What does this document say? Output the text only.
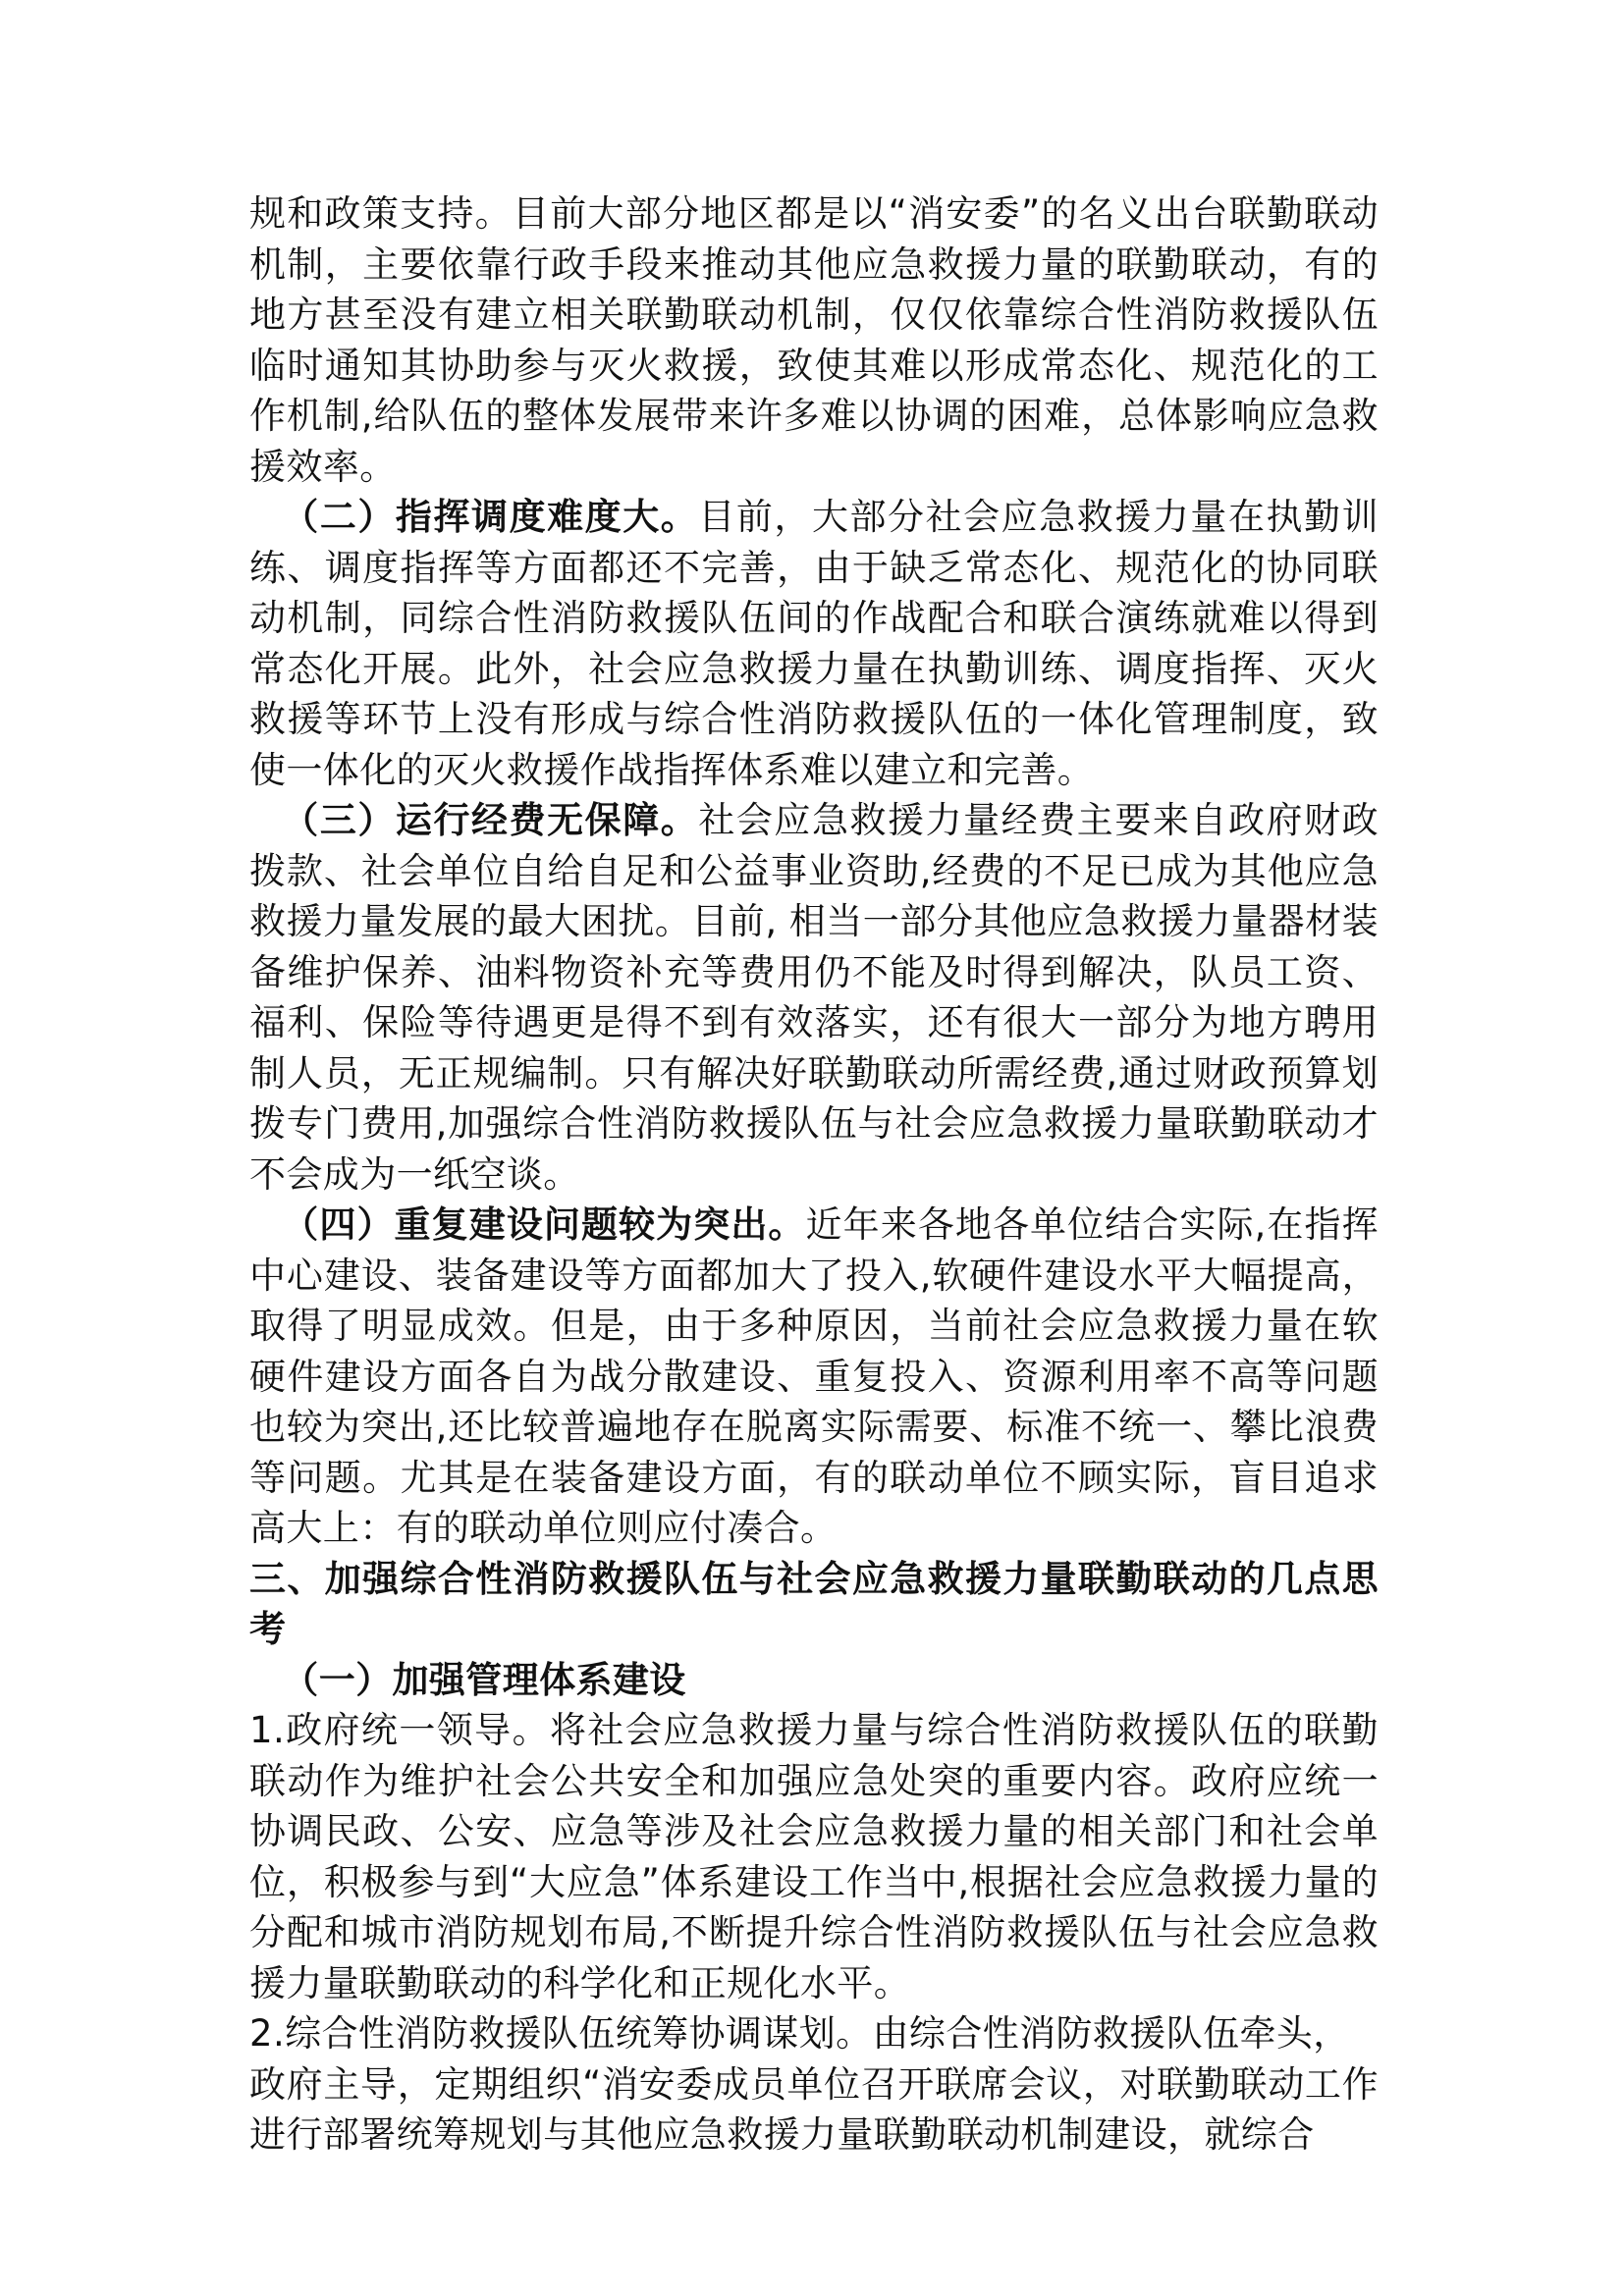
规和政策支持。目前大部分地区都是以“消安委”的名义出台联勤联动机制，主要依靠行政手段来推动其他应急救援力量的联勤联动，有的地方甚至没有建立相关联勤联动机制，仅仅依靠综合性消防救援队伍临时通知其协助参与灭火救援，致使其难以形成常态化、规范化的工作机制,给队伍的整体发展带来许多难以协调的困难，总体影响应急救援效率。

（二）指挥调度难度大。目前，大部分社会应急救援力量在执勤训练、调度指挥等方面都还不完善，由于缺乏常态化、规范化的协同联动机制，同综合性消防救援队伍间的作战配合和联合演练就难以得到常态化开展。此外，社会应急救援力量在执勤训练、调度指挥、灭火救援等环节上没有形成与综合性消防救援队伍的一体化管理制度，致使一体化的灭火救援作战指挥体系难以建立和完善。

（三）运行经费无保障。社会应急救援力量经费主要来自政府财政拨款、社会单位自给自足和公益事业资助,经费的不足已成为其他应急救援力量发展的最大困扰。目前, 相当一部分其他应急救援力量器材装备维护保养、油料物资补充等费用仍不能及时得到解决，队员工资、福利、保险等待遇更是得不到有效落实，还有很大一部分为地方聘用制人员，无正规编制。只有解决好联勤联动所需经费,通过财政预算划拨专门费用,加强综合性消防救援队伍与社会应急救援力量联勤联动才不会成为一纸空谈。

（四）重复建设问题较为突出。近年来各地各单位结合实际,在指挥中心建设、装备建设等方面都加大了投入,软硬件建设水平大幅提高，取得了明显成效。但是，由于多种原因，当前社会应急救援力量在软硬件建设方面各自为战分散建设、重复投入、资源利用率不高等问题也较为突出,还比较普遍地存在脱离实际需要、标准不统一、攀比浪费等问题。尤其是在装备建设方面，有的联动单位不顾实际，盲目追求高大上：有的联动单位则应付凑合。

三、加强综合性消防救援队伍与社会应急救援力量联勤联动的几点思考

（一）加强管理体系建设

1.政府统一领导。将社会应急救援力量与综合性消防救援队伍的联勤联动作为维护社会公共安全和加强应急处突的重要内容。政府应统一协调民政、公安、应急等涉及社会应急救援力量的相关部门和社会单位，积极参与到“大应急”体系建设工作当中,根据社会应急救援力量的分配和城市消防规划布局,不断提升综合性消防救援队伍与社会应急救援力量联勤联动的科学化和正规化水平。

2.综合性消防救援队伍统筹协调谋划。由综合性消防救援队伍牵头，

政府主导，定期组织“消安委成员单位召开联席会议，对联勤联动工作进行部署统筹规划与其他应急救援力量联勤联动机制建设，就综合
